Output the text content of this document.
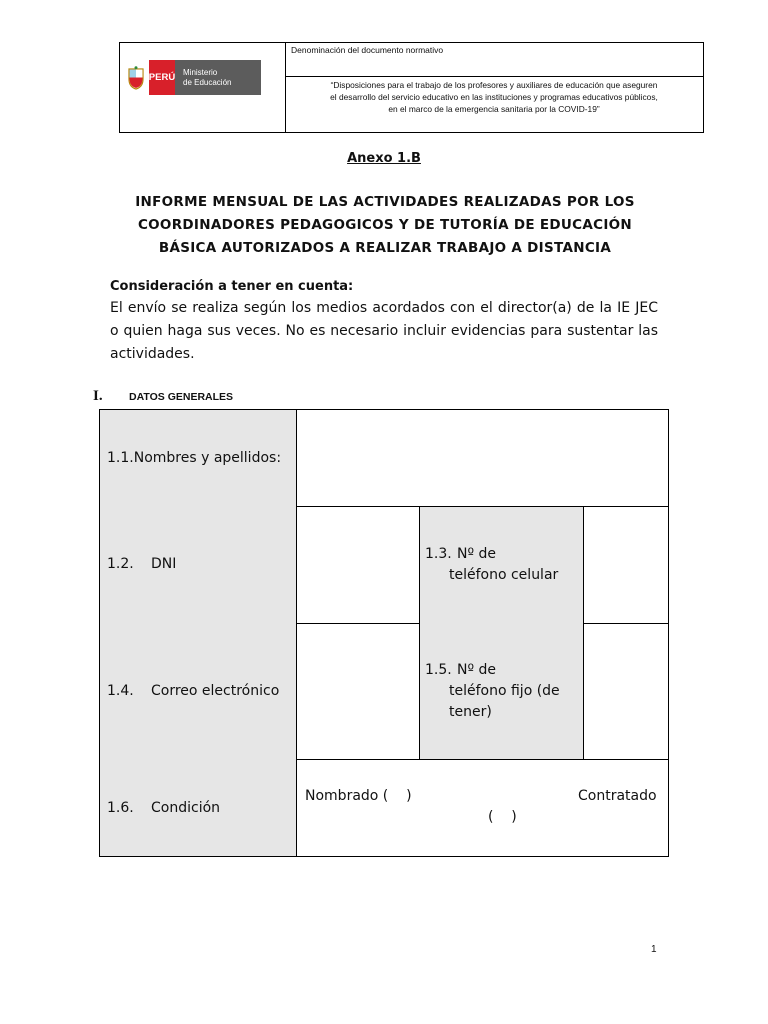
PERÚ Ministerio
de Educación
Denominación del documento normativo
“Disposiciones para el trabajo de los profesores y auxiliares de educación que aseguren
el desarrollo del servicio educativo en las instituciones y programas educativos públicos,
en el marco de la emergencia sanitaria por la COVID-19”
Anexo 1.B
INFORME MENSUAL DE LAS ACTIVIDADES REALIZADAS POR LOS
COORDINADORES PEDAGOGICOS Y DE TUTORÍA DE EDUCACIÓN
BÁSICA AUTORIZADOS A REALIZAR TRABAJO A DISTANCIA
Consideración a tener en cuenta:
El envío se realiza según los medios acordados con el director(a) de la IE JEC o quien haga sus veces. No es necesario incluir evidencias para sustentar las actividades.
I.	DATOS GENERALES
1.1.Nombres y apellidos:
1.2. DNI
1.3. Nº de
teléfono celular
1.4. Correo electrónico
1.5. Nº de
teléfono fijo (de
tener)
1.6. Condición
Nombrado (    )	Contratado
(    )
1
